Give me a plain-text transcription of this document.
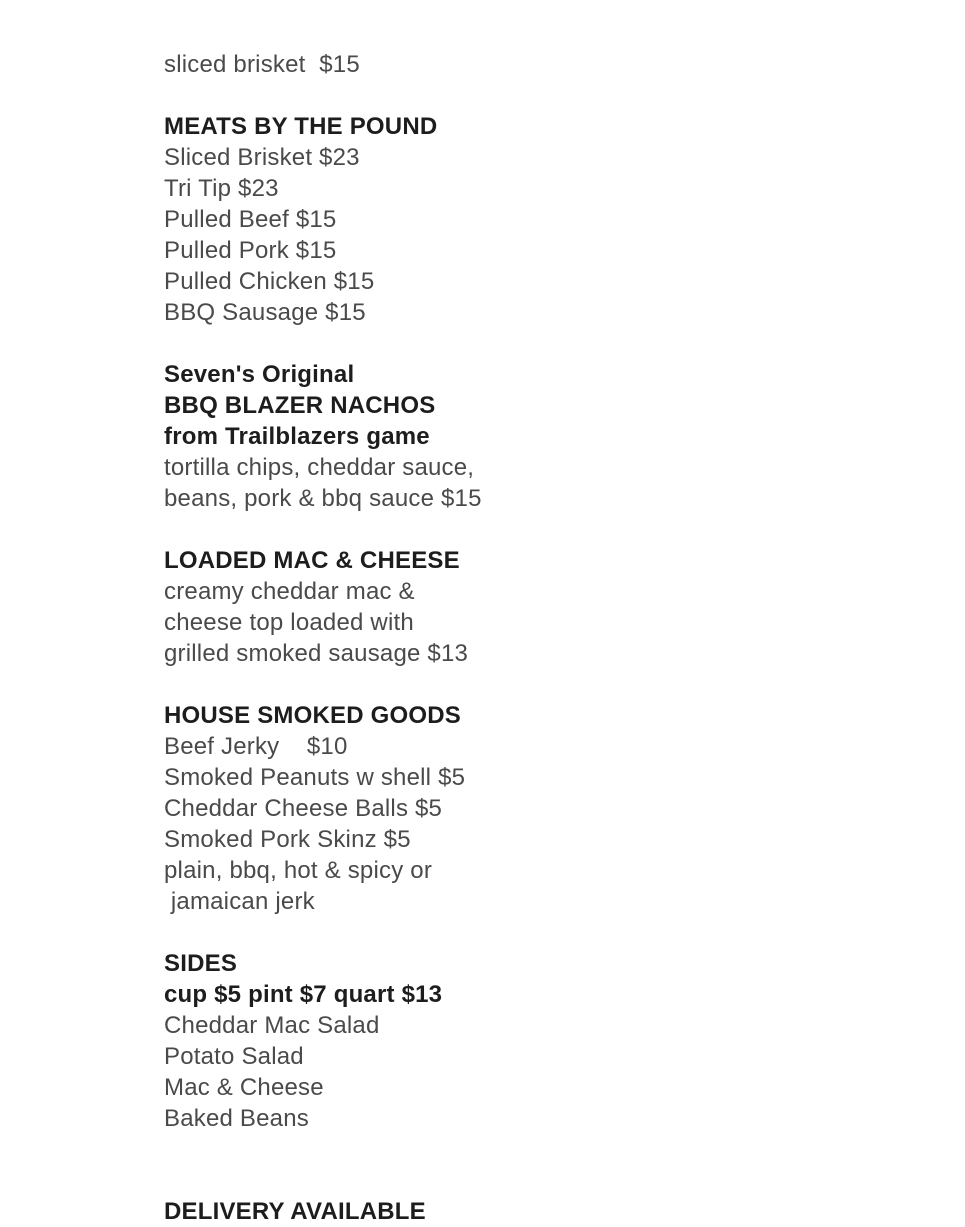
sliced brisket  $15

MEATS BY THE POUND
Sliced Brisket $23
Tri Tip $23
Pulled Beef $15
Pulled Pork $15
Pulled Chicken $15
BBQ Sausage $15

Seven's Original
BBQ BLAZER NACHOS
from Trailblazers game
tortilla chips, cheddar sauce,
beans, pork & bbq sauce $15

LOADED MAC & CHEESE
creamy cheddar mac &
cheese top loaded with
grilled smoked sausage $13

HOUSE SMOKED GOODS
Beef Jerky    $10
Smoked Peanuts w shell $5
Cheddar Cheese Balls $5
Smoked Pork Skinz $5
plain, bbq, hot & spicy or
jamaican jerk

SIDES
cup $5 pint $7 quart $13
Cheddar Mac Salad
Potato Salad
Mac & Cheese
Baked Beans

DELIVERY AVAILABLE
